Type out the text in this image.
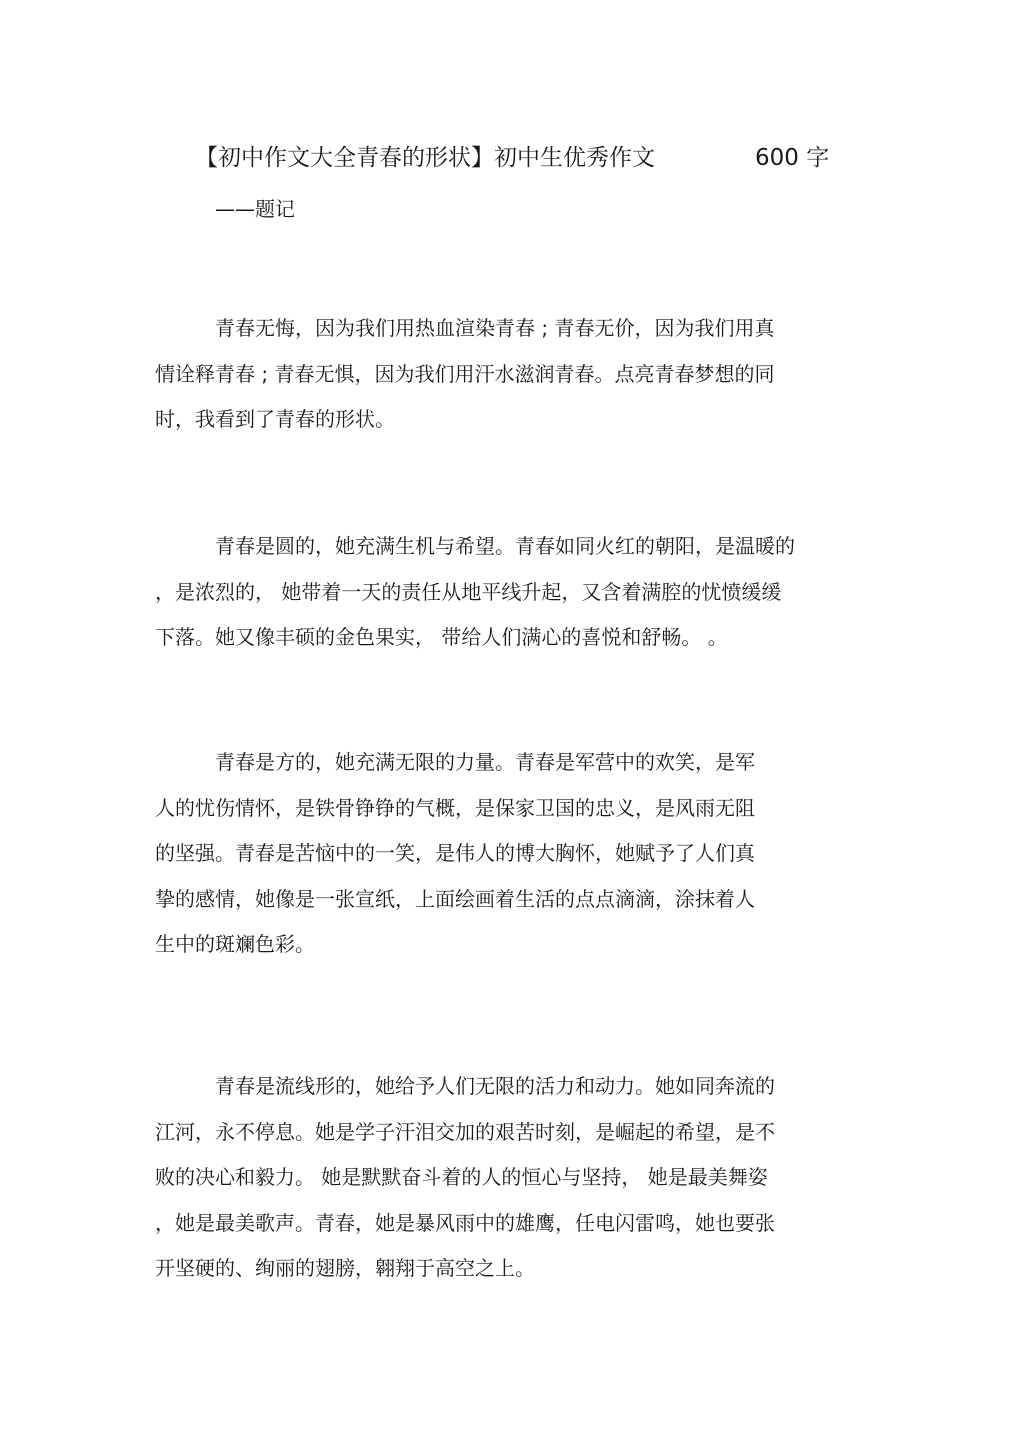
【初中作文大全青春的形状】初中生优秀作文	600 字
——题记
青春无悔，因为我们用热血渲染青春 ; 青春无价，因为我们用真
情诠释青春 ; 青春无惧，因为我们用汗水滋润青春。点亮青春梦想的同
时，我看到了青春的形状。
青春是圆的，她充满生机与希望。青春如同火红的朝阳，是温暖的
，是浓烈的， 她带着一天的责任从地平线升起，又含着满腔的忧愤缓缓
下落。她又像丰硕的金色果实， 带给人们满心的喜悦和舒畅。 。
青春是方的，她充满无限的力量。青春是军营中的欢笑，是军
人的忧伤情怀，是铁骨铮铮的气概，是保家卫国的忠义，是风雨无阻
的坚强。青春是苦恼中的一笑，是伟人的博大胸怀，她赋予了人们真
挚的感情，她像是一张宣纸，上面绘画着生活的点点滴滴，涂抹着人
生中的斑斓色彩。
青春是流线形的，她给予人们无限的活力和动力。她如同奔流的
江河，永不停息。她是学子汗泪交加的艰苦时刻，是崛起的希望，是不
败的决心和毅力。 她是默默奋斗着的人的恒心与坚持， 她是最美舞姿
，她是最美歌声。青春，她是暴风雨中的雄鹰，任电闪雷鸣，她也要张
开坚硬的、绚丽的翅膀，翱翔于高空之上。
